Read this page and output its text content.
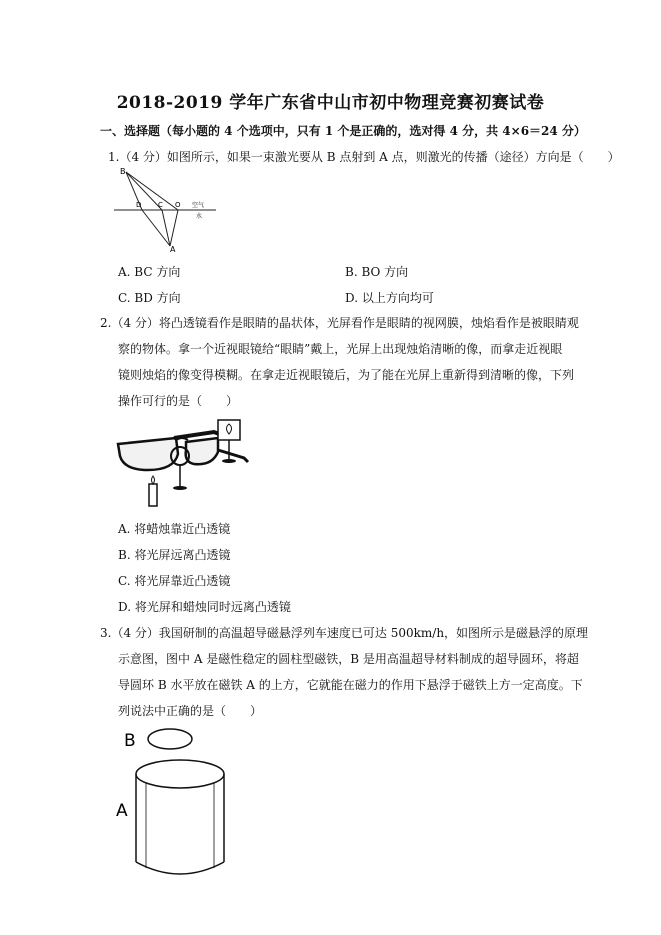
2018-2019 学年广东省中山市初中物理竞赛初赛试卷
一、选择题（每小题的 4 个选项中，只有 1 个是正确的，选对得 4 分，共 4×6＝24 分）
1.（4 分）如图所示，如果一束激光要从 B 点射到 A 点，则激光的传播（途径）方向是（　　）
B
A
D C O 空气
水
A. BC 方向	B. BO 方向
C. BD 方向	D. 以上方向均可
2.（4 分）将凸透镜看作是眼睛的晶状体，光屏看作是眼睛的视网膜，烛焰看作是被眼睛观
察的物体。拿一个近视眼镜给“眼睛”戴上，光屏上出现烛焰清晰的像，而拿走近视眼
镜则烛焰的像变得模糊。在拿走近视眼镜后，为了能在光屏上重新得到清晰的像，下列
操作可行的是（　　）
A. 将蜡烛靠近凸透镜
B. 将光屏远离凸透镜
C. 将光屏靠近凸透镜
D. 将光屏和蜡烛同时远离凸透镜
3.（4 分）我国研制的高温超导磁悬浮列车速度已可达 500km/h，如图所示是磁悬浮的原理
示意图，图中 A 是磁性稳定的圆柱型磁铁，B 是用高温超导材料制成的超导圆环，将超
导圆环 B 水平放在磁铁 A 的上方，它就能在磁力的作用下悬浮于磁铁上方一定高度。下
列说法中正确的是（　　）
B
A
